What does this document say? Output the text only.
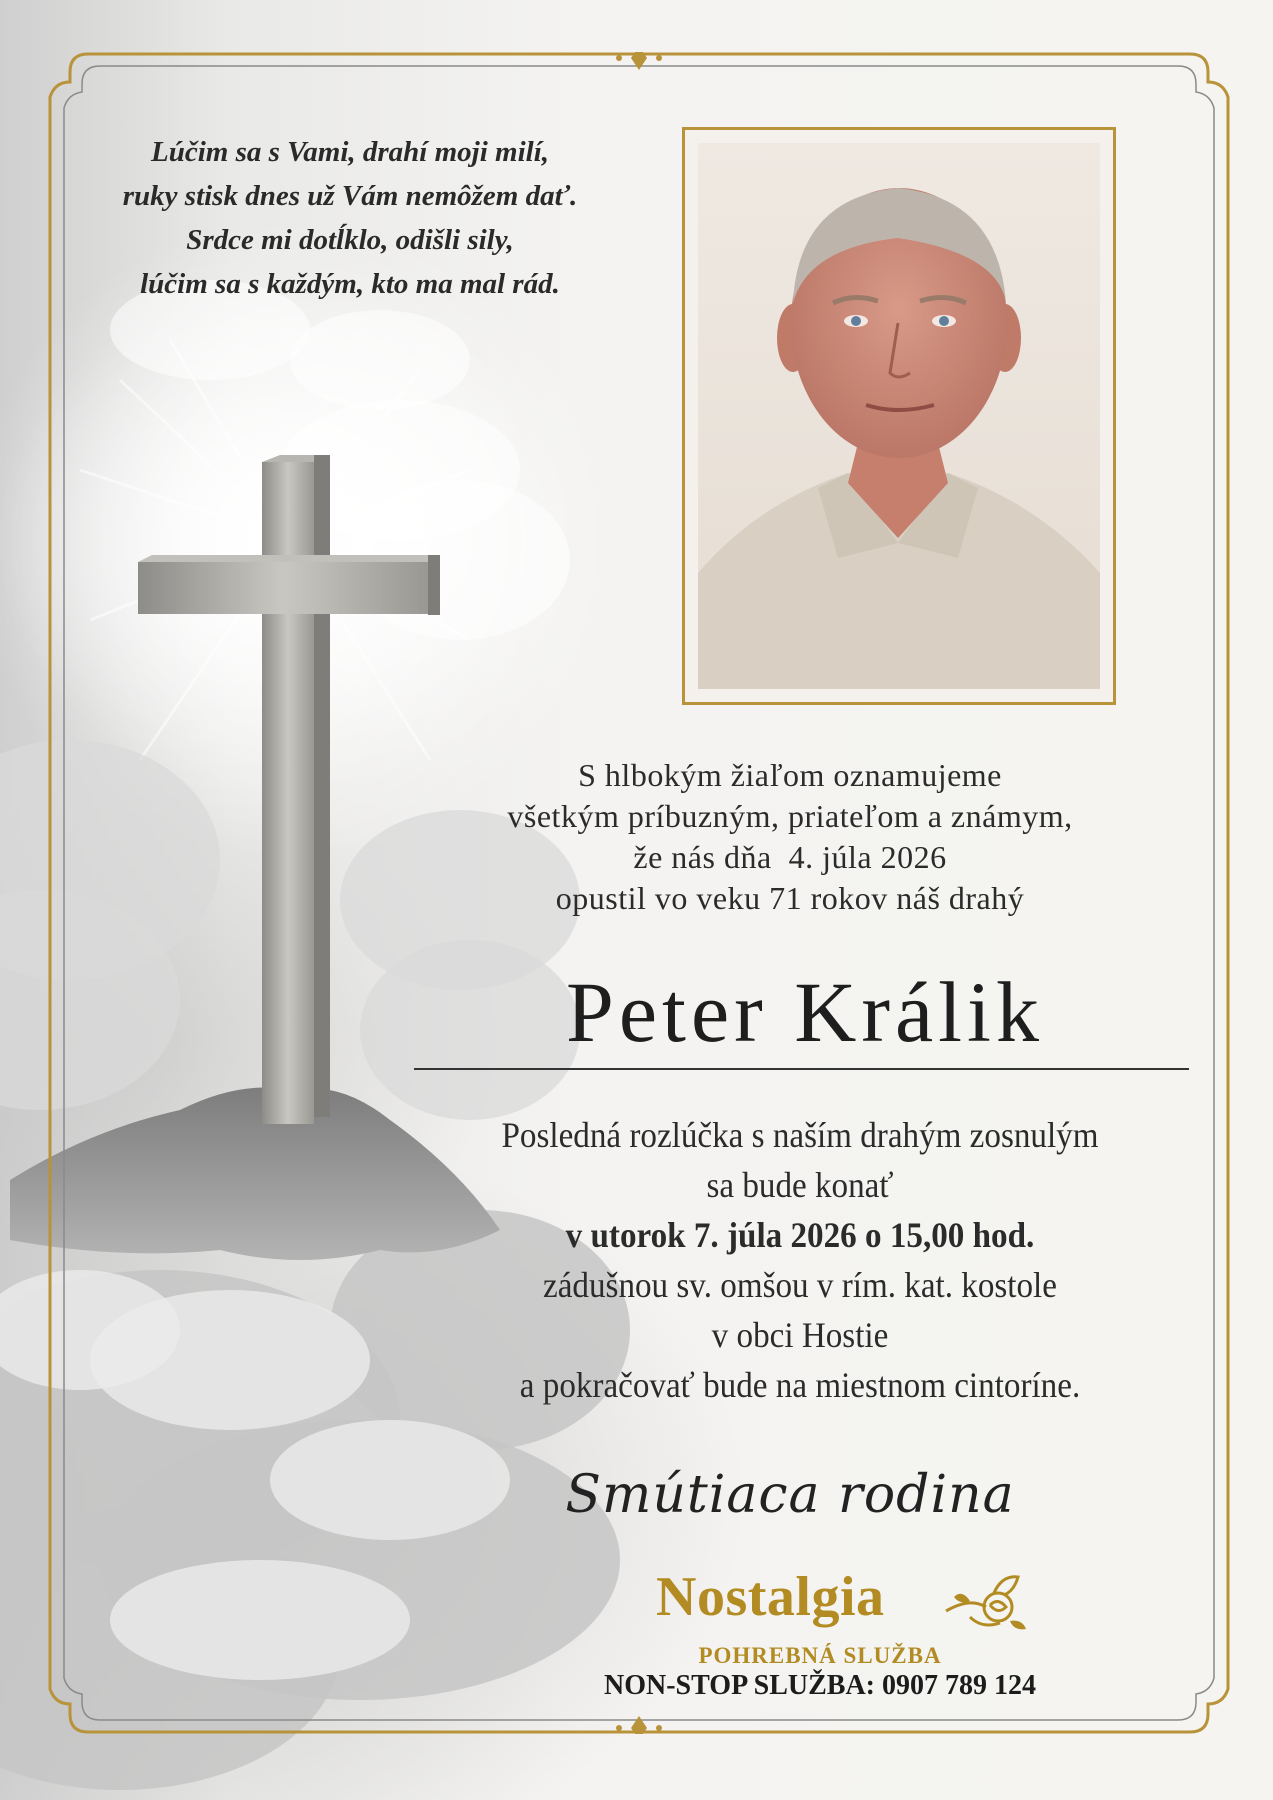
Lúčim sa s Vami, drahí moji milí,
ruky stisk dnes už Vám nemôžem dať.
Srdce mi dotĺklo, odišli sily,
lúčim sa s každým, kto ma mal rád.
S hlbokým žiaľom oznamujeme
všetkým príbuzným, priateľom a známym,
že nás dňa  4. júla 2026
opustil vo veku 71 rokov náš drahý
Peter Králik
Posledná rozlúčka s naším drahým zosnulým
sa bude konať
v utorok 7. júla 2026 o 15,00 hod.
zádušnou sv. omšou v rím. kat. kostole
v obci Hostie
a pokračovať bude na miestnom cintoríne.
Smútiaca rodina
Nostalgia
POHREBNÁ SLUŽBA
NON-STOP SLUŽBA: 0907 789 124
